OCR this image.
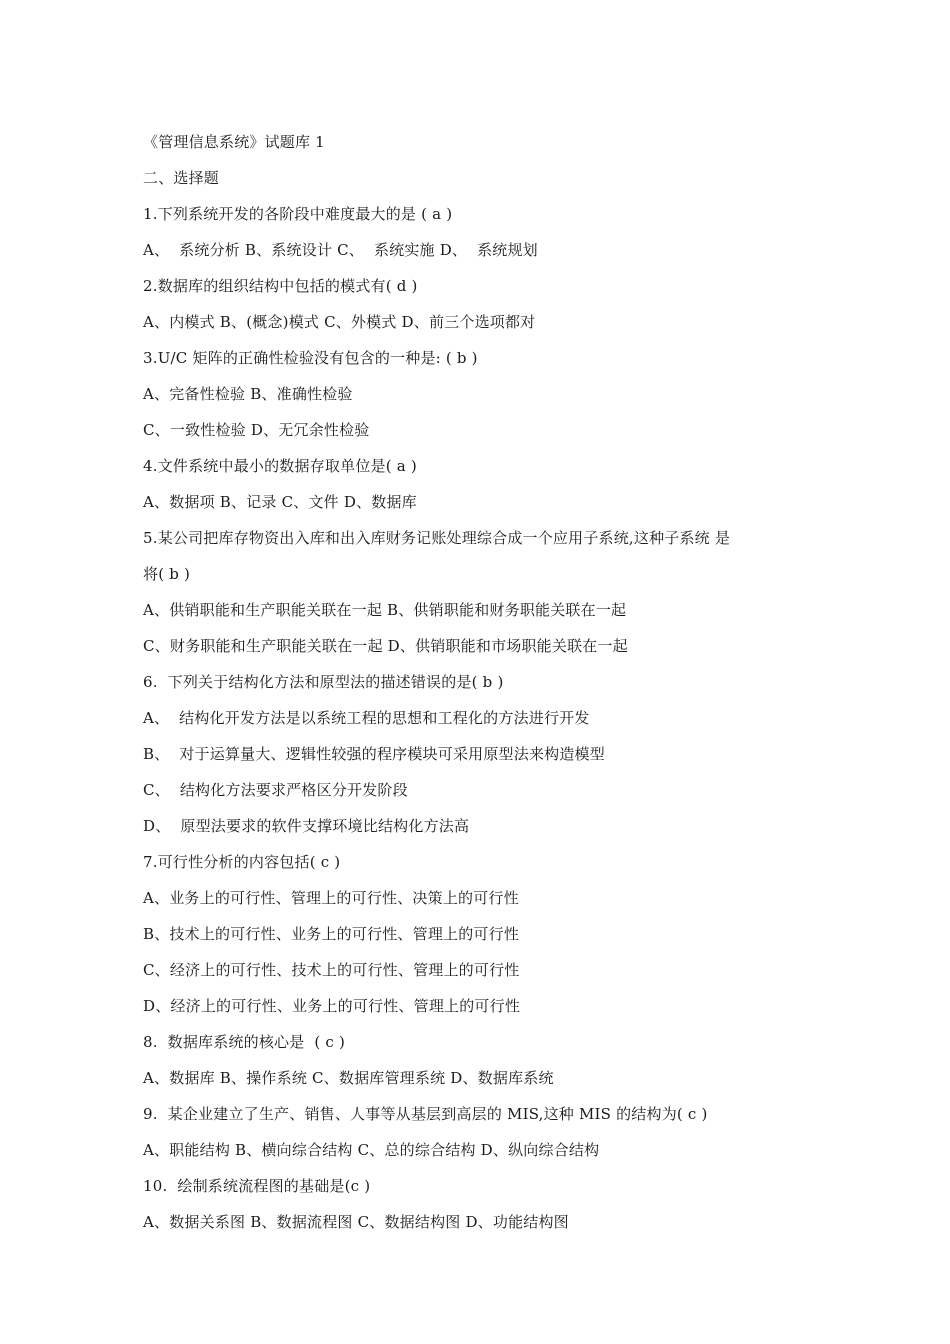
《管理信息系统》试题库 1
二、选择题
1.下列系统开发的各阶段中难度最大的是 ( a )
A、  系统分析 B、系统设计 C、  系统实施 D、  系统规划
2.数据库的组织结构中包括的模式有( d )
A、内模式 B、(概念)模式 C、外模式 D、前三个选项都对
3.U/C 矩阵的正确性检验没有包含的一种是: ( b )
A、完备性检验 B、准确性检验
C、一致性检验 D、无冗余性检验
4.文件系统中最小的数据存取单位是( a )
A、数据项 B、记录 C、文件 D、数据库
5.某公司把库存物资出入库和出入库财务记账处理综合成一个应用子系统,这种子系统 是
将( b )
A、供销职能和生产职能关联在一起 B、供销职能和财务职能关联在一起
C、财务职能和生产职能关联在一起 D、供销职能和市场职能关联在一起
6.  下列关于结构化方法和原型法的描述错误的是( b )
A、  结构化开发方法是以系统工程的思想和工程化的方法进行开发
B、  对于运算量大、逻辑性较强的程序模块可采用原型法来构造模型
C、  结构化方法要求严格区分开发阶段
D、  原型法要求的软件支撑环境比结构化方法高
7.可行性分析的内容包括( c )
A、业务上的可行性、管理上的可行性、决策上的可行性
B、技术上的可行性、业务上的可行性、管理上的可行性
C、经济上的可行性、技术上的可行性、管理上的可行性
D、经济上的可行性、业务上的可行性、管理上的可行性
8.  数据库系统的核心是  ( c )
A、数据库 B、操作系统 C、数据库管理系统 D、数据库系统
9.  某企业建立了生产、销售、人事等从基层到高层的 MIS,这种 MIS 的结构为( c )
A、职能结构 B、横向综合结构 C、总的综合结构 D、纵向综合结构
10.  绘制系统流程图的基础是(c )
A、数据关系图 B、数据流程图 C、数据结构图 D、功能结构图
